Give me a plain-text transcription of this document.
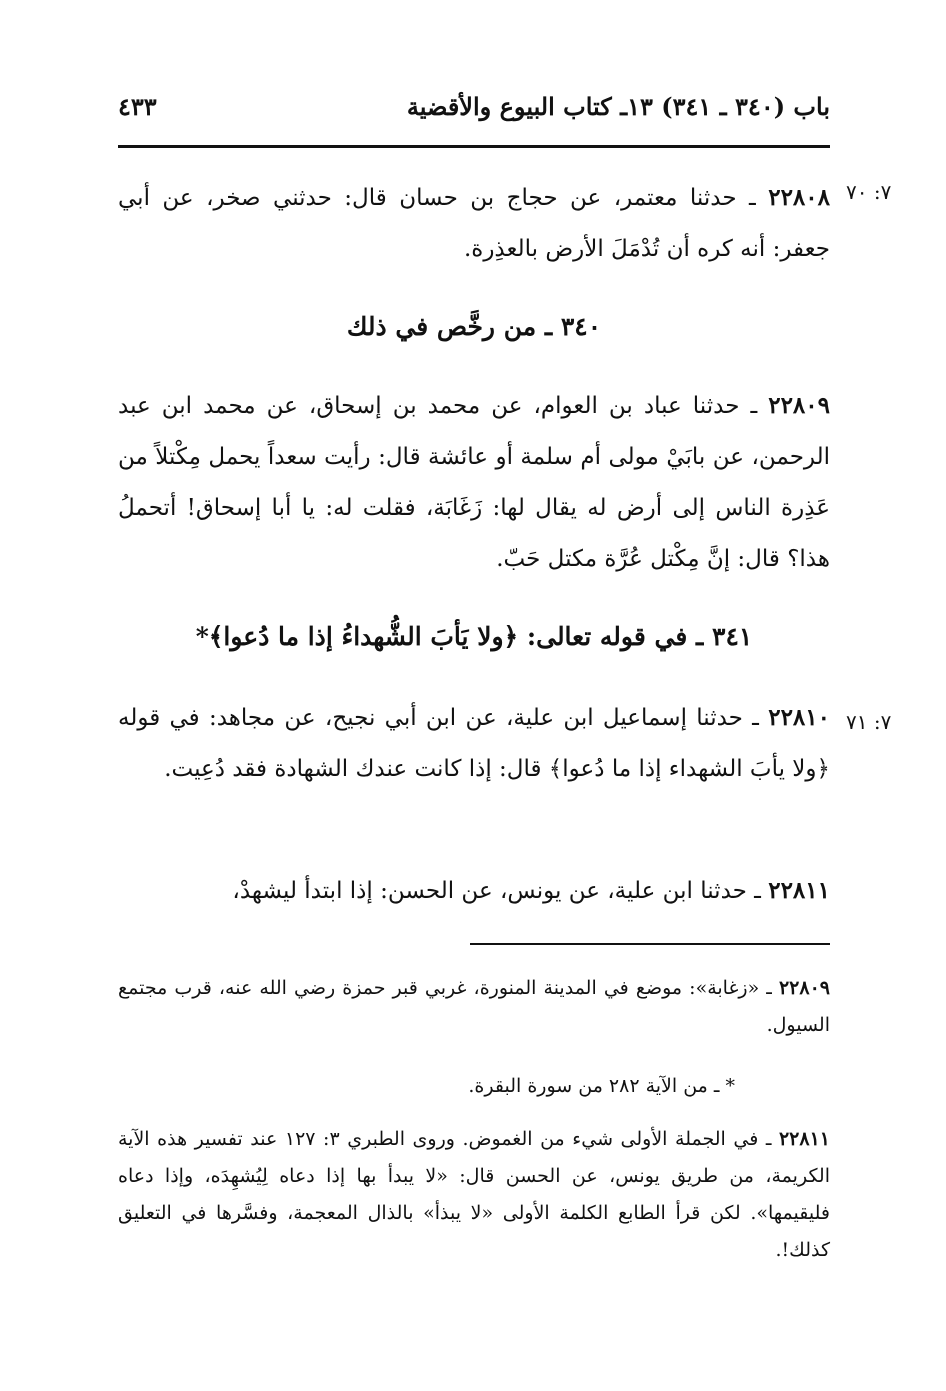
باب (٣٤٠ ـ ٣٤١) ١٣ـ كتاب البيوع والأقضية
٤٣٣
٧: ٧٠
٢٢٨٠٨ ـ حدثنا معتمر، عن حجاج بن حسان قال: حدثني صخر، عن أبي جعفر: أنه كره أن تُدْمَلَ الأرض بالعذِرة.
٣٤٠ ـ من رخَّص في ذلك
٢٢٨٠٩ ـ حدثنا عباد بن العوام، عن محمد بن إسحاق، عن محمد ابن عبد الرحمن، عن بابَيْ مولى أم سلمة أو عائشة قال: رأيت سعداً يحمل مِكْتلاً من عَذِرة الناس إلى أرض له يقال لها: زَغَابَة، فقلت له: يا أبا إسحاق! أتحملُ هذا؟ قال: إنَّ مِكْتل عُرَّة مكتل حَبّ.
٣٤١ ـ في قوله تعالى: ﴿ولا يَأبَ الشُّهداءُ إذا ما دُعوا﴾*
٧: ٧١
٢٢٨١٠ ـ حدثنا إسماعيل ابن علية، عن ابن أبي نجيح، عن مجاهد: في قوله ﴿ولا يأبَ الشهداء إذا ما دُعوا﴾ قال: إذا كانت عندك الشهادة فقد دُعِيت.
٢٢٨١١ ـ حدثنا ابن علية، عن يونس، عن الحسن: إذا ابتدأ ليشهدْ،
٢٢٨٠٩ ـ «زغابة»: موضع في المدينة المنورة، غربي قبر حمزة رضي الله عنه، قرب مجتمع السيول.
* ـ من الآية ٢٨٢ من سورة البقرة.
٢٢٨١١ ـ في الجملة الأولى شيء من الغموض. وروى الطبري ٣: ١٢٧ عند تفسير هذه الآية الكريمة، من طريق يونس، عن الحسن قال: «لا يبدأ بها إذا دعاه لِيُشهِدَه، وإذا دعاه فليقيمها». لكن قرأ الطابع الكلمة الأولى «لا يبذأ» بالذال المعجمة، وفسَّرها في التعليق كذلك!.
